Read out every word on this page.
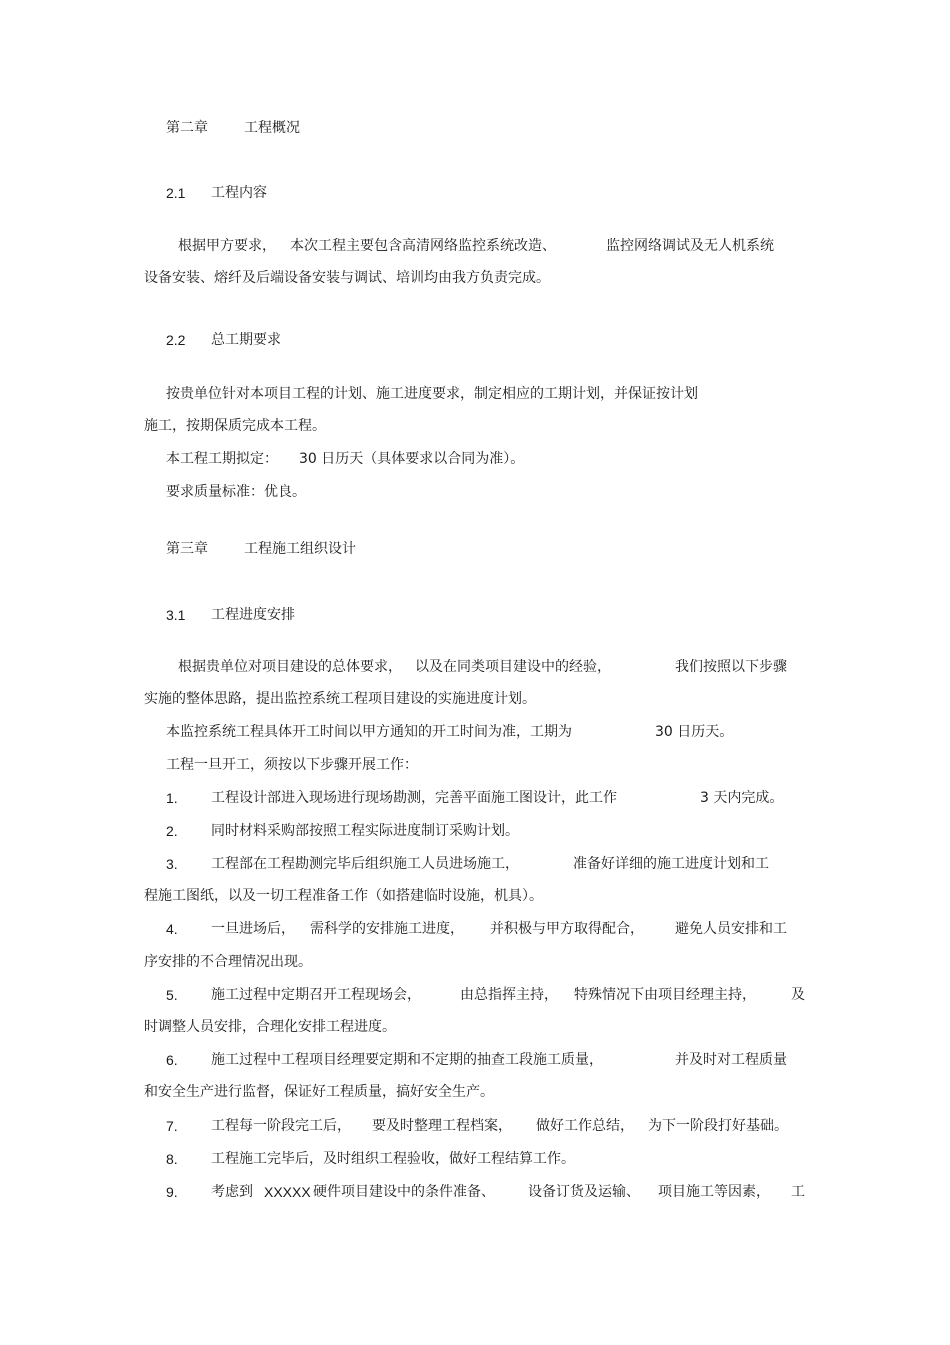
第二章	工程概况
2.1 工程内容
根据甲方要求， 本次工程主要包含高清网络监控系统改造、	监控网络调试及无人机系统
设备安装、熔纤及后端设备安装与调试、培训均由我方负责完成。
2.2 总工期要求
按贵单位针对本项目工程的计划、施工进度要求，制定相应的工期计划，并保证按计划
施工，按期保质完成本工程。
本工程工期拟定： 30 日历天（具体要求以合同为准）。
要求质量标准：优良。
第三章	工程施工组织设计
3.1 工程进度安排
根据贵单位对项目建设的总体要求， 以及在同类项目建设中的经验，	我们按照以下步骤
实施的整体思路，提出监控系统工程项目建设的实施进度计划。
本监控系统工程具体开工时间以甲方通知的开工时间为准，工期为	30 日历天。
工程一旦开工，须按以下步骤开展工作：
1. 工程设计部进入现场进行现场勘测，完善平面施工图设计，此工作	3 天内完成。
2. 同时材料采购部按照工程实际进度制订采购计划。
3. 工程部在工程勘测完毕后组织施工人员进场施工，	准备好详细的施工进度计划和工
程施工图纸，以及一切工程准备工作（如搭建临时设施，机具）。
4. 一旦进场后， 需科学的安排施工进度， 并积极与甲方取得配合， 避免人员安排和工
序安排的不合理情况出现。
5. 施工过程中定期召开工程现场会，	由总指挥主持， 特殊情况下由项目经理主持，	及
时调整人员安排，合理化安排工程进度。
6. 施工过程中工程项目经理要定期和不定期的抽查工段施工质量，	并及时对工程质量
和安全生产进行监督，保证好工程质量，搞好安全生产。
7. 工程每一阶段完工后， 要及时整理工程档案， 做好工作总结， 为下一阶段打好基础。
8. 工程施工完毕后，及时组织工程验收，做好工程结算工作。
9. 考虑到 XXXXX 硬件项目建设中的条件准备、 设备订货及运输、 项目施工等因素， 工
